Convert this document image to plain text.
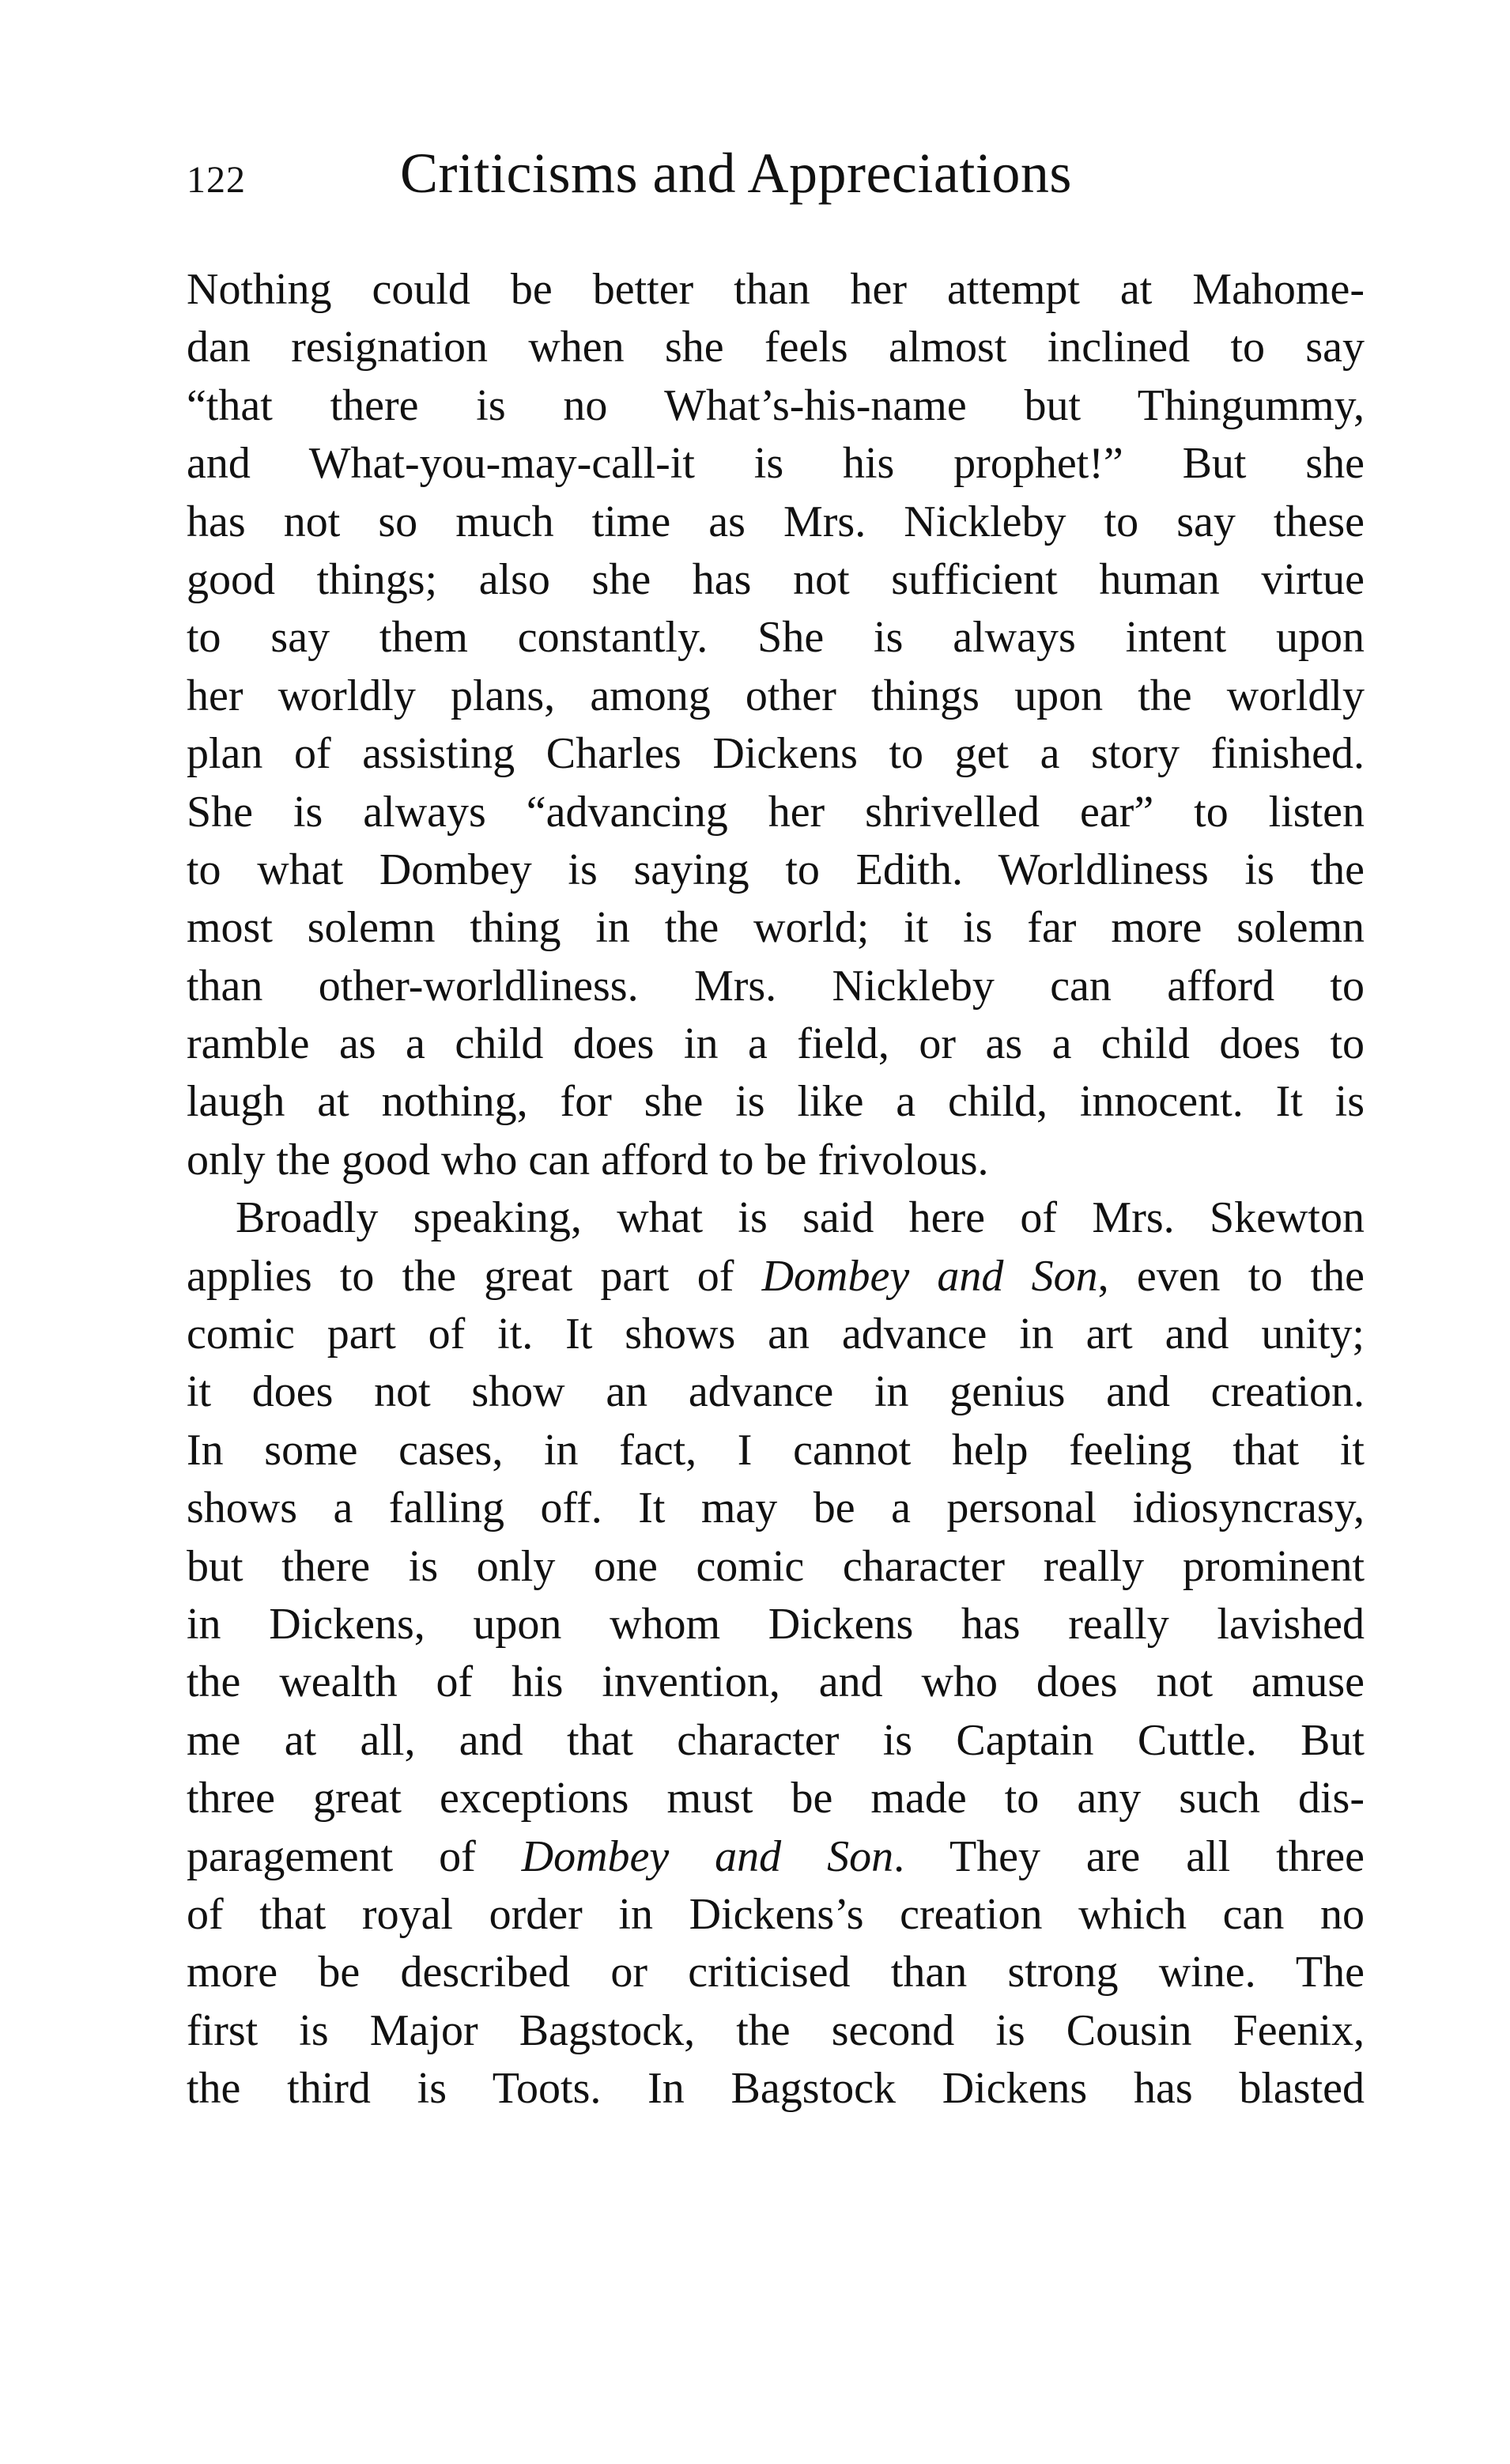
122	Criticisms and Appreciations
Nothing could be better than her attempt at Mahome-
dan resignation when she feels almost inclined to say
“that there is no What’s-his-name but Thingummy,
and What-you-may-call-it is his prophet!” But she
has not so much time as Mrs. Nickleby to say these
good things; also she has not sufficient human virtue
to say them constantly. She is always intent upon
her worldly plans, among other things upon the worldly
plan of assisting Charles Dickens to get a story finished.
She is always “advancing her shrivelled ear” to listen
to what Dombey is saying to Edith. Worldliness is the
most solemn thing in the world; it is far more solemn
than other-worldliness. Mrs. Nickleby can afford to
ramble as a child does in a field, or as a child does to
laugh at nothing, for she is like a child, innocent. It is
only the good who can afford to be frivolous.
Broadly speaking, what is said here of Mrs. Skewton
applies to the great part of Dombey and Son, even to the
comic part of it. It shows an advance in art and unity;
it does not show an advance in genius and creation.
In some cases, in fact, I cannot help feeling that it
shows a falling off. It may be a personal idiosyncrasy,
but there is only one comic character really prominent
in Dickens, upon whom Dickens has really lavished
the wealth of his invention, and who does not amuse
me at all, and that character is Captain Cuttle. But
three great exceptions must be made to any such dis-
paragement of Dombey and Son. They are all three
of that royal order in Dickens’s creation which can no
more be described or criticised than strong wine. The
first is Major Bagstock, the second is Cousin Feenix,
the third is Toots. In Bagstock Dickens has blasted
